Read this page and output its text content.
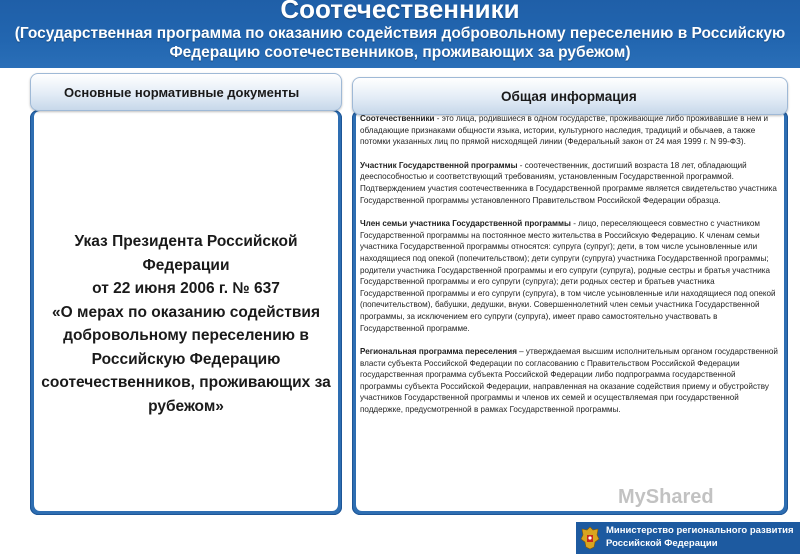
Соотечественники
(Государственная программа по оказанию содействия добровольному переселению в Российскую Федерацию соотечественников, проживающих за рубежом)
Основные нормативные документы
Указ Президента Российской Федерации
от 22 июня 2006 г. № 637
«О мерах по оказанию содействия добровольному переселению в Российскую Федерацию соотечественников, проживающих за рубежом»
Общая информация

Соотечественники - это лица, родившиеся в одном государстве, проживающие либо проживавшие в нем и обладающие признаками общности языка, истории, культурного наследия, традиций и обычаев, а также потомки указанных лиц по прямой нисходящей линии (Федеральный закон от 24 мая 1999 г. N 99-ФЗ).

Участник Государственной программы - соотечественник, достигший возраста 18 лет, обладающий дееспособностью и соответствующий требованиям, установленным Государственной программой. Подтверждением участия соотечественника в Государственной программе является свидетельство участника Государственной программы установленного Правительством Российской Федерации образца.

Член семьи участника Государственной программы - лицо, переселяющееся совместно с участником Государственной программы на постоянное место жительства в Российскую Федерацию. К членам семьи участника Государственной программы относятся: супруга (супруг); дети, в том числе усыновленные или находящиеся под опекой (попечительством); дети супруги (супруга) участника Государственной программы; родители участника Государственной программы и его супруги (супруга), родные сестры и братья участника Государственной программы и его супруги (супруга); дети родных сестер и братьев участника Государственной программы и его супруги (супруга), в том числе усыновленные или находящиеся под опекой (попечительством), бабушки, дедушки, внуки. Совершеннолетний член семьи участника Государственной программы, за исключением его супруги (супруга), имеет право самостоятельно участвовать в Государственной программе.

Региональная программа переселения – утверждаемая высшим исполнительным органом государственной власти субъекта Российской Федерации по согласованию с Правительством Российской Федерации государственная программа субъекта Российской Федерации либо подпрограмма государственной программы субъекта Российской Федерации, направленная на оказание содействия приему и обустройству участников Государственной программы и членов их семей и осуществляемая при государственной поддержке, предусмотренной в рамках Государственной программы.

MyShared
Министерство регионального развития
Российской Федерации
